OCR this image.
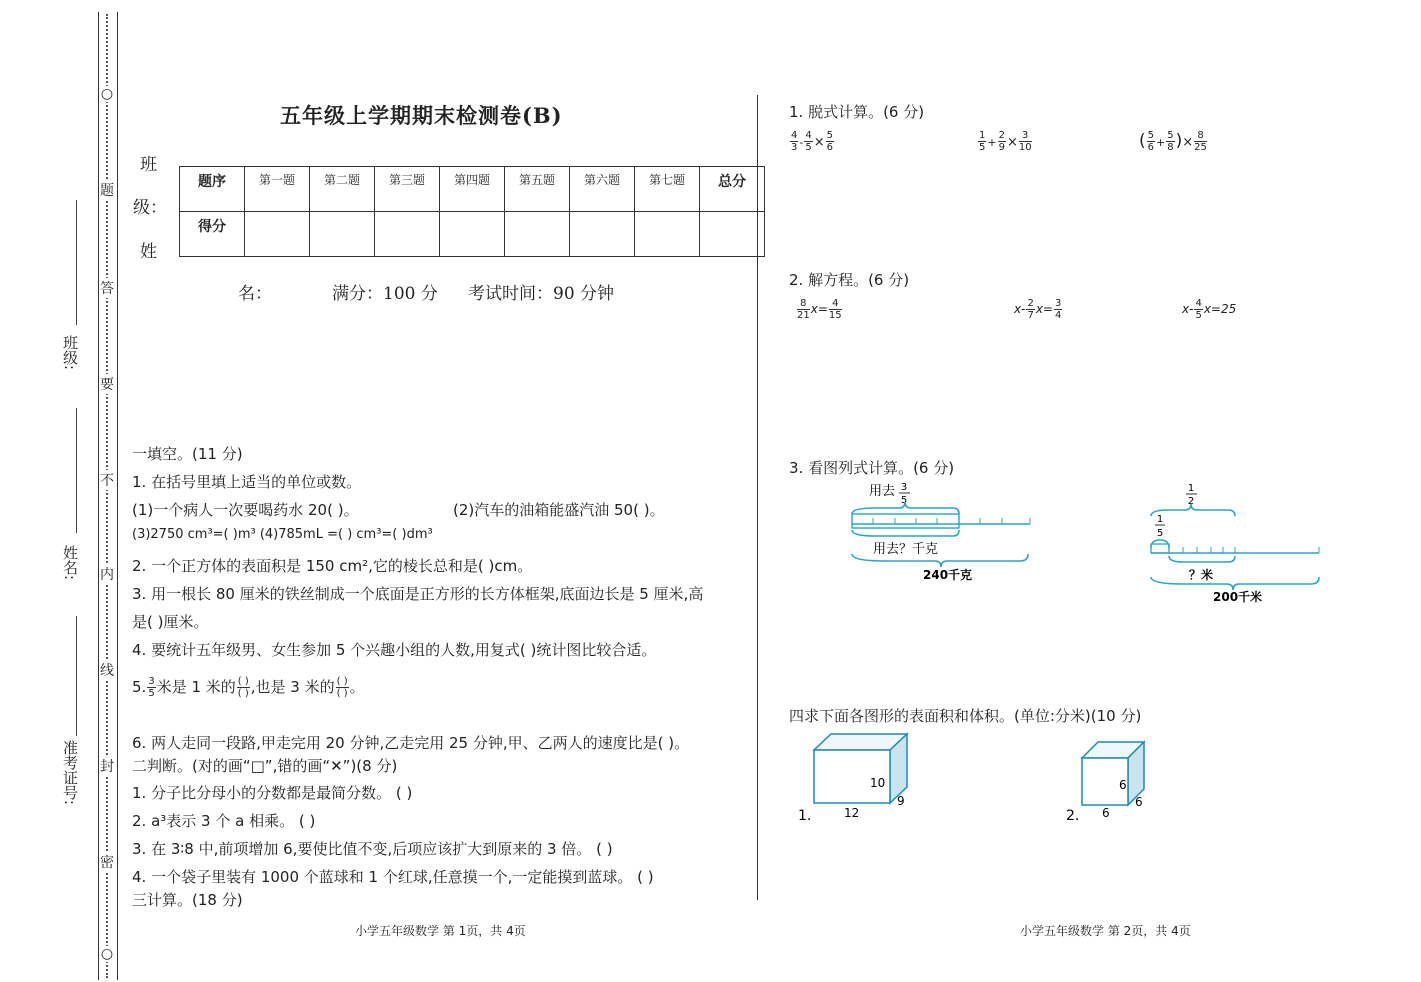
○
题
答
要
不
内
线
封
密
○
班级:
姓名:
准考证号:
五年级上学期期末检测卷(B)
班
级：
姓
题序	第一题	第二题	第三题	第四题	第五题	第六题	第七题	总分
得分								
名：	满分：100 分 考试时间：90 分钟
一填空。(11 分)
1. 在括号里填上适当的单位或数。
(1)一个病人一次要喝药水 20( )。	(2)汽车的油箱能盛汽油 50( )。
(3)2750 cm³=( )m³ (4)785mL =( ) cm³=( )dm³
2. 一个正方体的表面积是 150 cm²,它的棱长总和是( )cm。
3. 用一根长 80 厘米的铁丝制成一个底面是正方形的长方体框架,底面边长是 5 厘米,高
是( )厘米。
4. 要统计五年级男、女生参加 5 个兴趣小组的人数,用复式( )统计图比较合适。
5. $\frac{3}{5}$ 米是 1 米的 $\frac{( )}{( )}$ ,也是 3 米的 $\frac{( )}{( )}$ 。
6. 两人走同一段路,甲走完用 20 分钟,乙走完用 25 分钟,甲、乙两人的速度比是( )。
二判断。(对的画“□”,错的画“✕”)(8 分)
1. 分子比分母小的分数都是最简分数。 ( )
2. a³表示 3 个 a 相乘。 ( )
3. 在 3∶8 中,前项增加 6,要使比值不变,后项应该扩大到原来的 3 倍。 ( )
4. 一个袋子里装有 1000 个蓝球和 1 个红球,任意摸一个,一定能摸到蓝球。 ( )
三计算。(18 分)
小学五年级数学 第 1页，共 4页
1. 脱式计算。(6 分)
$\frac{4}{3} - \frac{4}{5} \times \frac{5}{6}$	$\frac{1}{5} + \frac{2}{9} \times \frac{3}{10}$	( $\frac{5}{6} + \frac{5}{8}$ )× $\frac{8}{25}$
2. 解方程。(6 分)
$\frac{8}{21} x= \frac{4}{15}$	$x- \frac{2}{7} x= \frac{3}{4}$	$x- \frac{4}{5} x=25$
3. 看图列式计算。(6 分)
用去 3
5
用去？千克
240千克
1
2
1
5
？米
200千米
四求下面各图形的表面积和体积。(单位:分米)(10 分)
1.	12
9
10
2. 6
6
6
小学五年级数学 第 2页，共 4页
